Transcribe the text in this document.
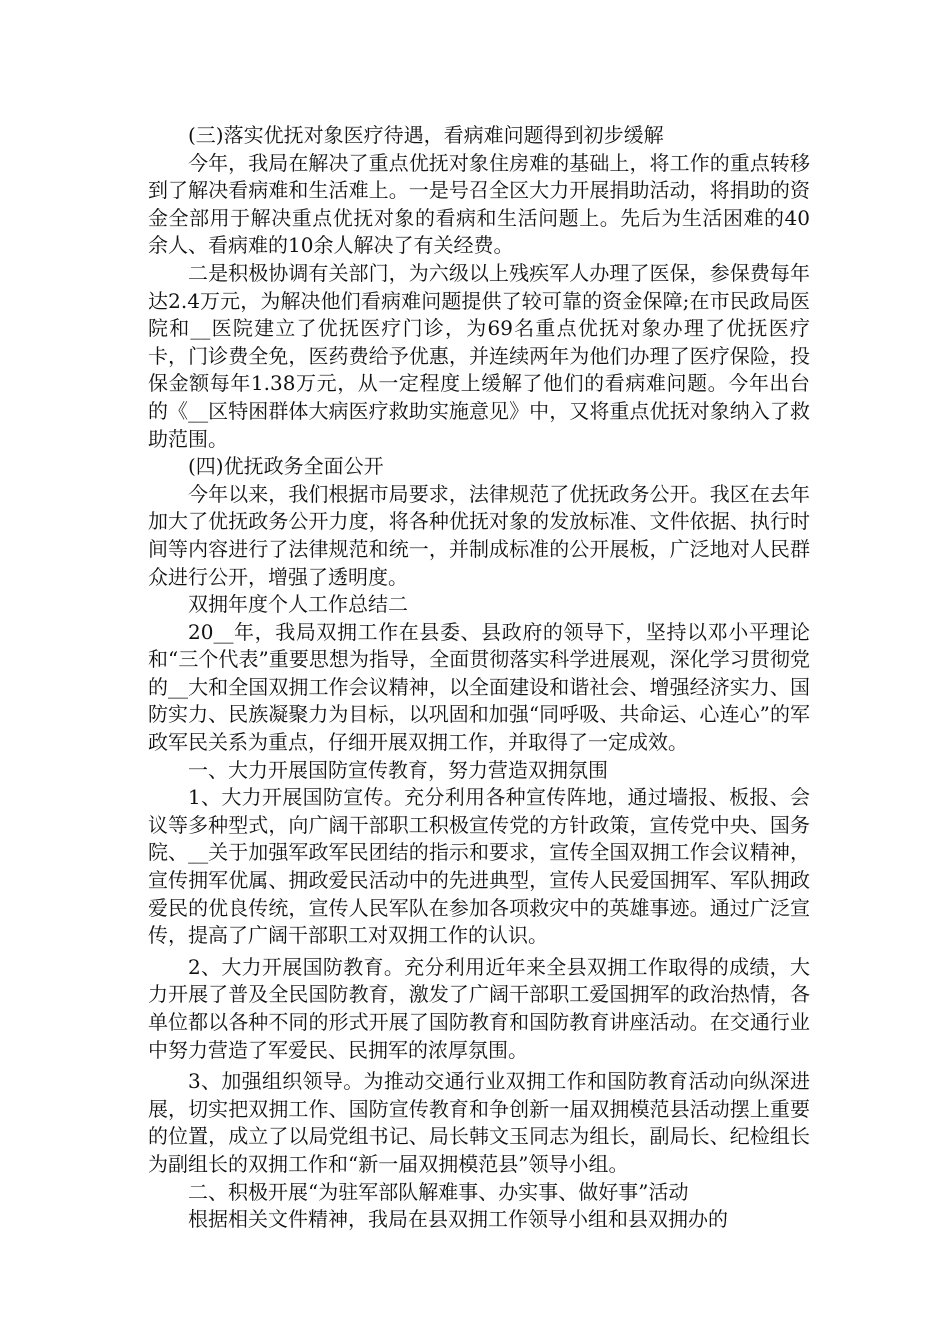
(三)落实优抚对象医疗待遇，看病难问题得到初步缓解

今年，我局在解决了重点优抚对象住房难的基础上，将工作的重点转移到了解决看病难和生活难上。一是号召全区大力开展捐助活动，将捐助的资金全部用于解决重点优抚对象的看病和生活问题上。先后为生活困难的40余人、看病难的10余人解决了有关经费。

二是积极协调有关部门，为六级以上残疾军人办理了医保，参保费每年达2.4万元，为解决他们看病难问题提供了较可靠的资金保障;在市民政局医院和__医院建立了优抚医疗门诊，为69名重点优抚对象办理了优抚医疗卡，门诊费全免，医药费给予优惠，并连续两年为他们办理了医疗保险，投保金额每年1.38万元，从一定程度上缓解了他们的看病难问题。今年出台的《__区特困群体大病医疗救助实施意见》中，又将重点优抚对象纳入了救助范围。

(四)优抚政务全面公开

今年以来，我们根据市局要求，法律规范了优抚政务公开。我区在去年加大了优抚政务公开力度，将各种优抚对象的发放标准、文件依据、执行时间等内容进行了法律规范和统一，并制成标准的公开展板，广泛地对人民群众进行公开，增强了透明度。

双拥年度个人工作总结二

20__年，我局双拥工作在县委、县政府的领导下，坚持以邓小平理论和“三个代表”重要思想为指导，全面贯彻落实科学进展观，深化学习贯彻党的__大和全国双拥工作会议精神，以全面建设和谐社会、增强经济实力、国防实力、民族凝聚力为目标，以巩固和加强“同呼吸、共命运、心连心”的军政军民关系为重点，仔细开展双拥工作，并取得了一定成效。

一、大力开展国防宣传教育，努力营造双拥氛围

1、大力开展国防宣传。充分利用各种宣传阵地，通过墙报、板报、会议等多种型式，向广阔干部职工积极宣传党的方针政策，宣传党中央、国务院、__关于加强军政军民团结的指示和要求，宣传全国双拥工作会议精神，宣传拥军优属、拥政爱民活动中的先进典型，宣传人民爱国拥军、军队拥政爱民的优良传统，宣传人民军队在参加各项救灾中的英雄事迹。通过广泛宣传，提高了广阔干部职工对双拥工作的认识。

2、大力开展国防教育。充分利用近年来全县双拥工作取得的成绩，大力开展了普及全民国防教育，激发了广阔干部职工爱国拥军的政治热情，各单位都以各种不同的形式开展了国防教育和国防教育讲座活动。在交通行业中努力营造了军爱民、民拥军的浓厚氛围。

3、加强组织领导。为推动交通行业双拥工作和国防教育活动向纵深进展，切实把双拥工作、国防宣传教育和争创新一届双拥模范县活动摆上重要的位置，成立了以局党组书记、局长韩文玉同志为组长，副局长、纪检组长为副组长的双拥工作和“新一届双拥模范县”领导小组。

二、积极开展“为驻军部队解难事、办实事、做好事”活动

根据相关文件精神，我局在县双拥工作领导小组和县双拥办的
